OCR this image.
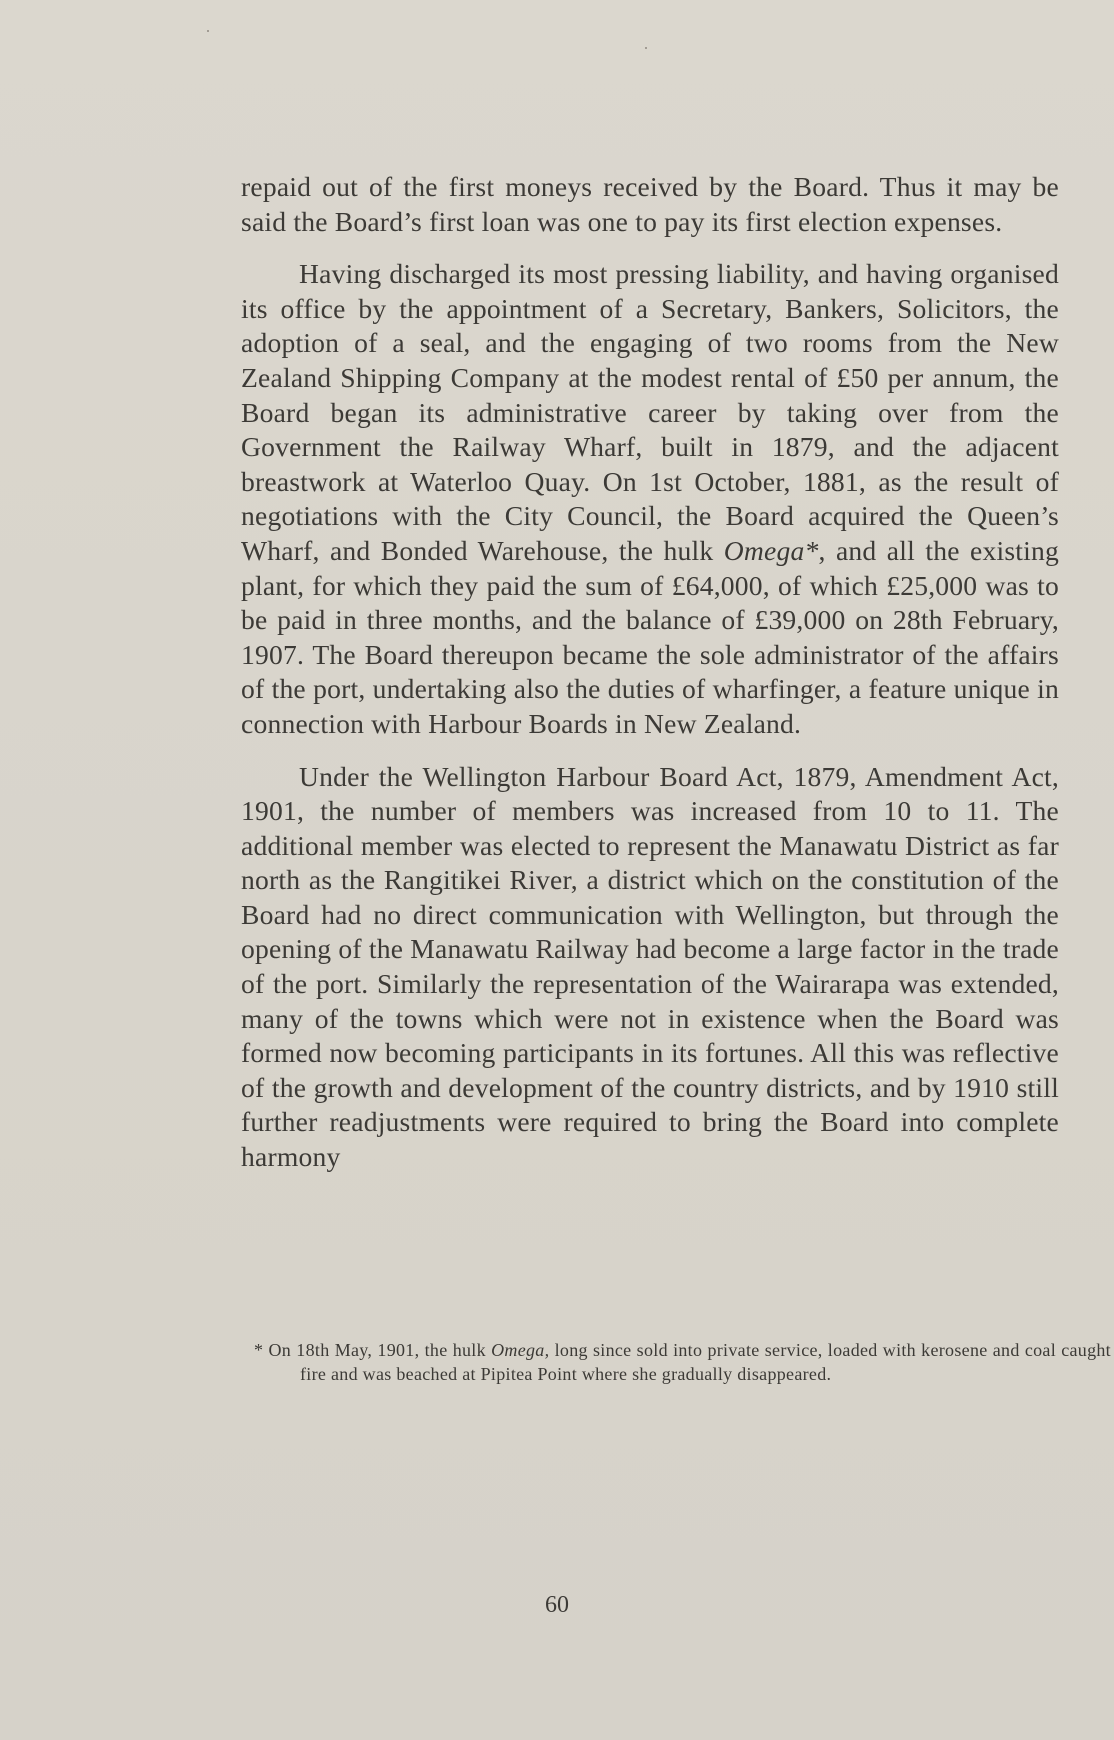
repaid out of the first moneys received by the Board. Thus it may be said the Board’s first loan was one to pay its first election expenses.

Having discharged its most pressing liability, and having organised its office by the appointment of a Secretary, Bankers, Solicitors, the adoption of a seal, and the engaging of two rooms from the New Zealand Shipping Company at the modest rental of £50 per annum, the Board began its administrative career by taking over from the Government the Railway Wharf, built in 1879, and the adjacent breastwork at Waterloo Quay. On 1st October, 1881, as the result of negotiations with the City Council, the Board acquired the Queen’s Wharf, and Bonded Warehouse, the hulk Omega*, and all the existing plant, for which they paid the sum of £64,000, of which £25,000 was to be paid in three months, and the balance of £39,000 on 28th February, 1907. The Board thereupon became the sole administrator of the affairs of the port, undertaking also the duties of wharfinger, a feature unique in connection with Harbour Boards in New Zealand.

Under the Wellington Harbour Board Act, 1879, Amendment Act, 1901, the number of members was increased from 10 to 11. The additional member was elected to represent the Manawatu District as far north as the Rangitikei River, a district which on the constitution of the Board had no direct communication with Wellington, but through the opening of the Manawatu Railway had become a large factor in the trade of the port. Similarly the representation of the Wairarapa was extended, many of the towns which were not in existence when the Board was formed now becoming participants in its fortunes. All this was reflective of the growth and development of the country districts, and by 1910 still further readjustments were required to bring the Board into complete harmony

* On 18th May, 1901, the hulk Omega, long since sold into private service, loaded with kerosene and coal caught fire and was beached at Pipitea Point where she gradually disappeared.
60
